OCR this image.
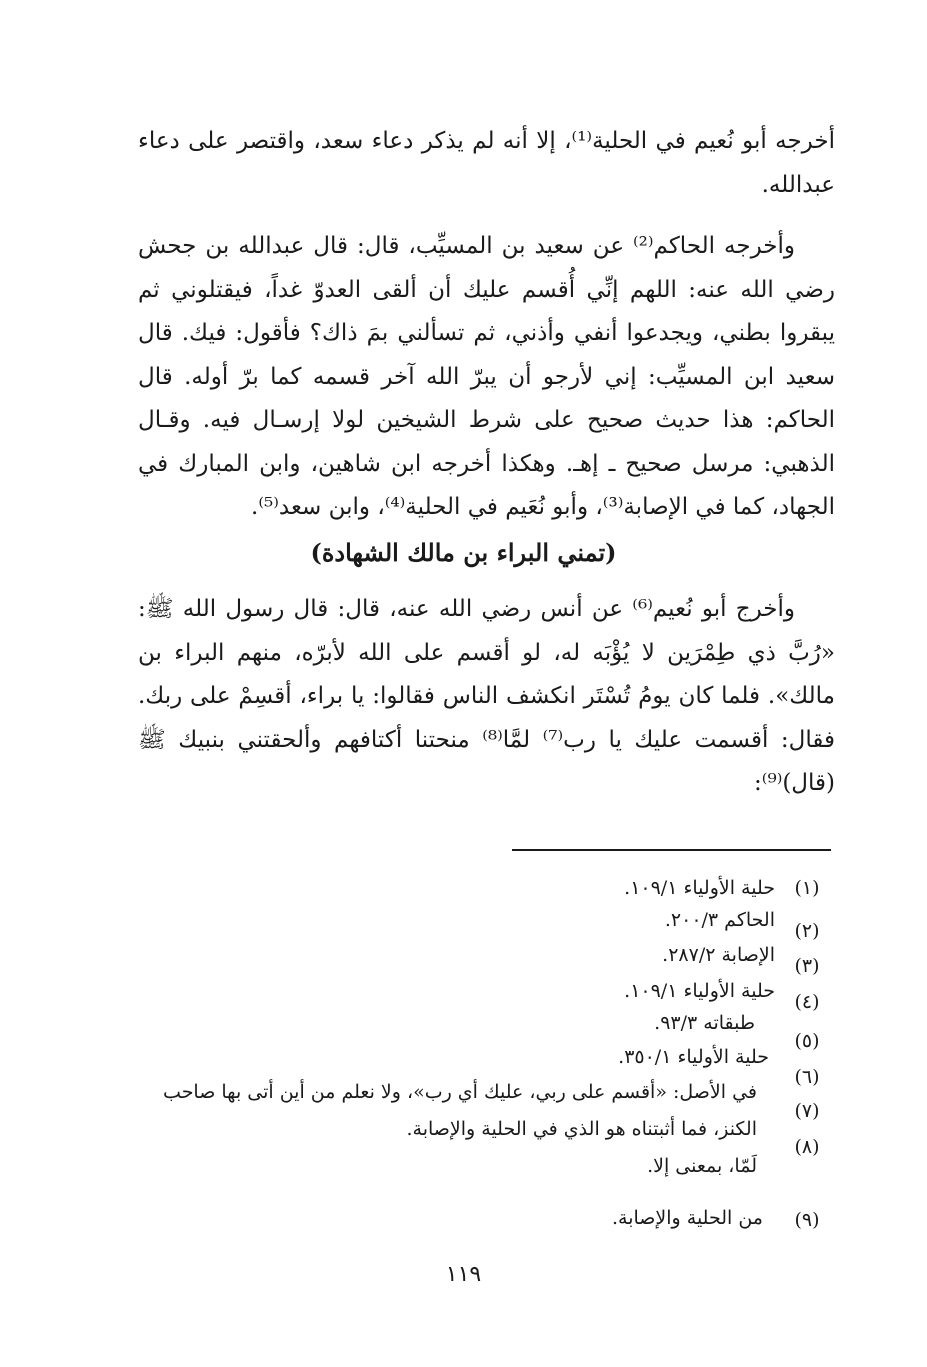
أخرجه أبو نُعيم في الحلية⁽¹⁾، إلا أنه لم يذكر دعاء سعد، واقتصر على دعاء عبدالله.
وأخرجه الحاكم⁽²⁾ عن سعيد بن المسيِّب، قال: قال عبدالله بن جحش رضي الله عنه: اللهم إنِّي أُقسم عليك أن ألقى العدوّ غداً، فيقتلوني ثم يبقروا بطني، ويجدعوا أنفي وأذني، ثم تسألني بمَ ذاك؟ فأقول: فيك. قال سعيد ابن المسيِّب: إني لأرجو أن يبرّ الله آخر قسمه كما برّ أوله. قال الحاكم: هذا حديث صحيح على شرط الشيخين لولا إرسـال فيه. وقـال الذهبي: مرسل صحيح ـ إهـ. وهكذا أخرجه ابن شاهين، وابن المبارك في الجهاد، كما في الإصابة⁽³⁾، وأبو نُعَيم في الحلية⁽⁴⁾، وابن سعد⁽⁵⁾.
(تمني البراء بن مالك الشهادة)
وأخرج أبو نُعيم⁽⁶⁾ عن أنس رضي الله عنه، قال: قال رسول الله ﷺ: «رُبَّ ذي طِمْرَين لا يُؤْبَه له، لو أقسم على الله لأبرّه، منهم البراء بن مالك». فلما كان يومُ تُسْتَر انكشف الناس فقالوا: يا براء، أقسِمْ على ربك. فقال: أقسمت عليك يا رب⁽⁷⁾ لمَّا⁽⁸⁾ منحتنا أكتافهم وألحقتني بنبيك ﷺ (قال)⁽⁹⁾:
(١)
(٢)
(٣)
(٤)
(٥)
(٦)
(٧)
(٨)
(٩)
حلية الأولياء ١٠٩/١.
الحاكم ٢٠٠/٣.
الإصابة ٢٨٧/٢.
حلية الأولياء ١٠٩/١.
طبقاته ٩٣/٣.
حلية الأولياء ٣٥٠/١.
في الأصل: «أقسم على ربي، عليك أي رب»، ولا نعلم من أين أتى بها صاحب
الكنز، فما أثبتناه هو الذي في الحلية والإصابة.
لَمّا، بمعنى إلا.
من الحلية والإصابة.
١١٩
